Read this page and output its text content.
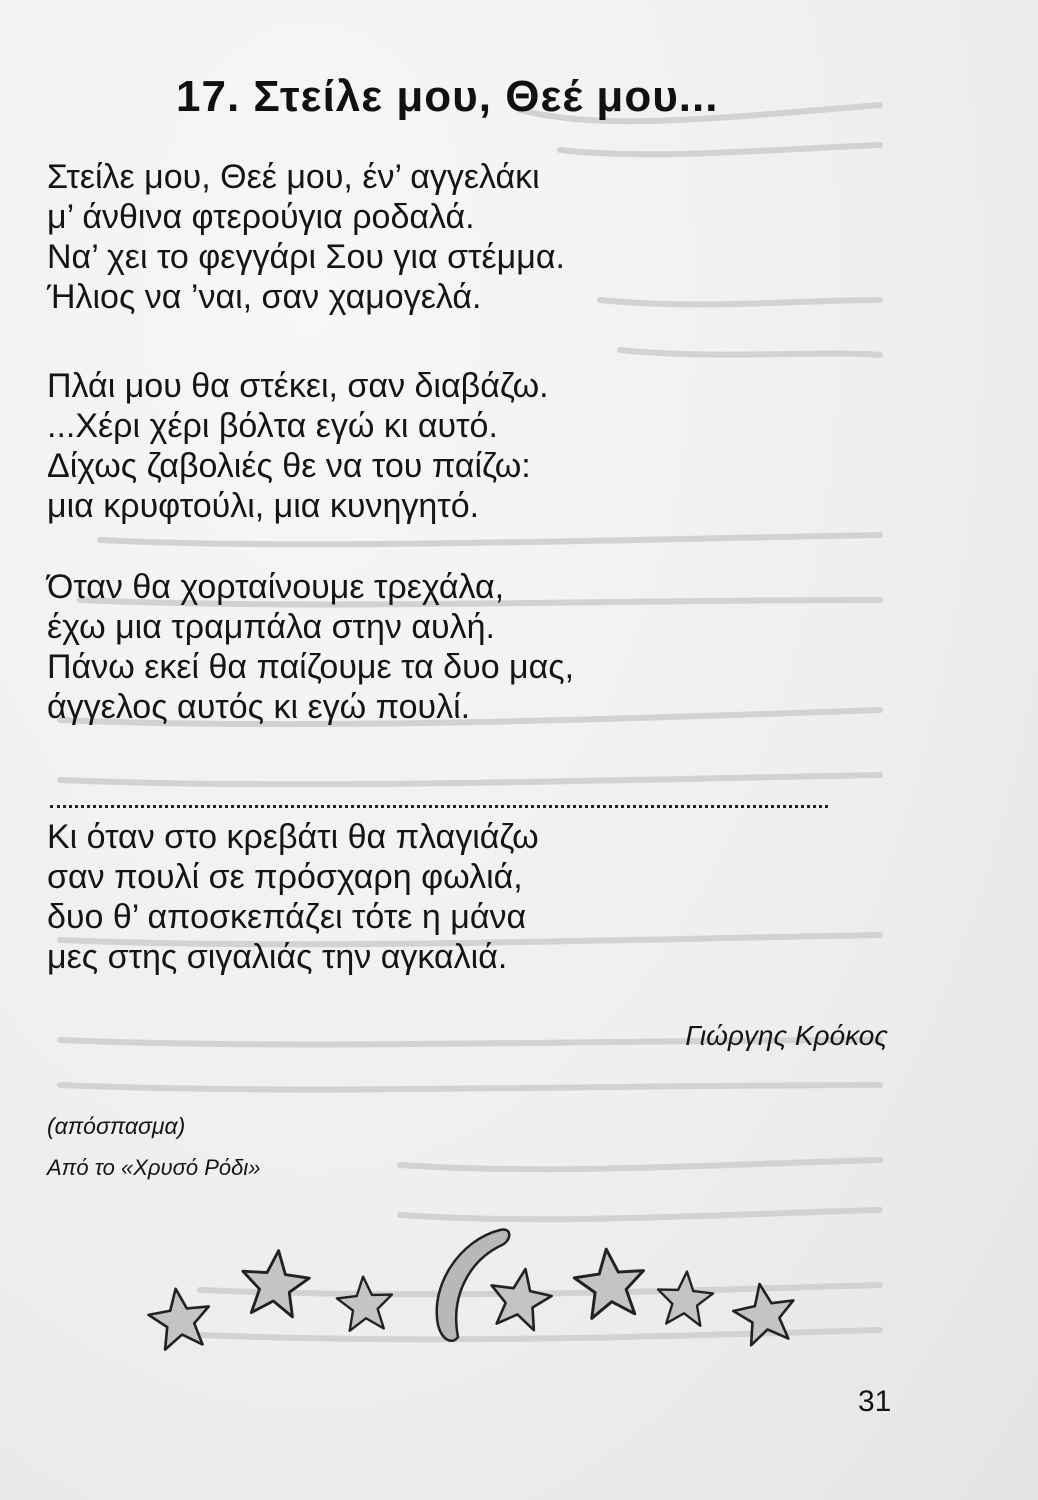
17. Στείλε μου, Θεέ μου...
Στείλε μου, Θεέ μου, έν’ αγγελάκι
μ’ άνθινα φτερούγια ροδαλά.
Να’ χει το φεγγάρι Σου για στέμμα.
Ήλιος να ’ναι, σαν χαμογελά.
Πλάι μου θα στέκει, σαν διαβάζω.
...Χέρι χέρι βόλτα εγώ κι αυτό.
Δίχως ζαβολιές θε να του παίζω:
μια κρυφτούλι, μια κυνηγητό.
Όταν θα χορταίνουμε τρεχάλα,
έχω μια τραμπάλα στην αυλή.
Πάνω εκεί θα παίζουμε τα δυο μας,
άγγελος αυτός κι εγώ πουλί.
Κι όταν στο κρεβάτι θα πλαγιάζω
σαν πουλί σε πρόσχαρη φωλιά,
δυο θ’ αποσκεπάζει τότε η μάνα
μες στης σιγαλιάς την αγκαλιά.
Γιώργης Κρόκος
(απόσπασμα)
Από το «Χρυσό Ρόδι»
31
